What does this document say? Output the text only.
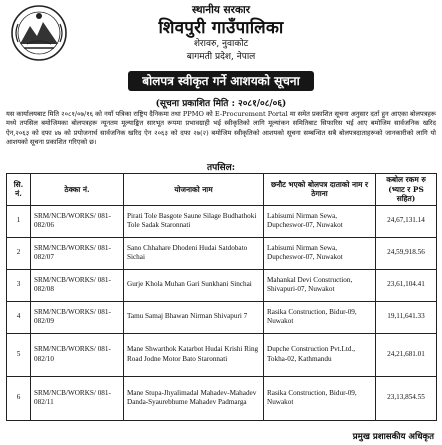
स्थानीय सरकार
शिवपुरी गाउँपालिका
शेरावरु, नुवाकोट
बागमती प्रदेश, नेपाल
बोलपत्र स्वीकृत गर्ने आशयको सूचना
(सूचना प्रकाशित मिति : २०८१/०८/०६)
यस कार्यालयबाट मिति २०८१/०७/१६ को नयाँ पत्रिका राष्ट्रिय दैनिकमा तथा PPMO को E-Procurement Portal मा समेत प्रकाशित सूचना अनुसार दर्ता हुन आएका बोलपत्रहरू मध्ये तपसिल बमोजिमका बोलपत्रहरू न्यूनतम मूल्याङ्कित सारभूत रूपमा प्रभावग्राही भई स्वीकृतिको लागि मूल्यांकन समितिबाट सिफारिस भई आए बमोजिम सार्वजनिक खरिद ऐन,२०६३ को दफा ४७ को प्रयोजनार्थ सार्वजनिक खरिद ऐन २०६३ को दफा २७(२) बमोजिम स्वीकृतिको आशयको सूचना सम्बन्धित सबै बोलपत्रदाताहरूको जानकारीको लागि यो आशयको सूचना प्रकाशित गरिएको छ।
तपसिल:
सि. नं.	ठेक्का नं.	योजनाको नाम	छनौट भएको बोलपत्र दाताको नाम र ठेगाना	कबोल रकम रु (भ्याट र PS सहित)
1	SRM/NCB/WORKS/ 081-082/06	Pirati Tole Basgote Saune Silage Budhathoki Tole Sadak Staronnati	Labisumi Nirman Sewa, Dupcheswor-07, Nuwakot	24,67,131.14
2	SRM/NCB/WORKS/ 081-082/07	Sano Chhahare Dhodeni Hudai Satdobato Sichai	Labisumi Nirman Sewa, Dupcheswor-07, Nuwakot	24,59,918.56
3	SRM/NCB/WORKS/ 081-082/08	Gurje Khola Muhan Gari Sunkhani Sinchai	Mahankal Devi Construction, Shivapuri-07, Nuwakot	23,61,104.41
4	SRM/NCB/WORKS/ 081-082/09	Tamu Samaj Bhawan Nirman Shivapuri 7	Rasika Construction, Bidur-09, Nuwakot	19,11,641.33
5	SRM/NCB/WORKS/ 081-082/10	Mane Shwarthok Katarbot Hudai Krishi Ring Road Jodne Motor Bato Staronnati	Dupche Construction Pvt.Ltd., Tokha-02, Kathmandu	24,21,681.01
6	SRM/NCB/WORKS/ 081-082/11	Mane Stupa-Jhyalimadal Mahadev-Mahadev Danda-Syaurebhume Mahadev Padmarga	Rasika Construction, Bidur-09, Nuwakot	23,13,854.55
प्रमुख प्रशासकीय अधिकृत
